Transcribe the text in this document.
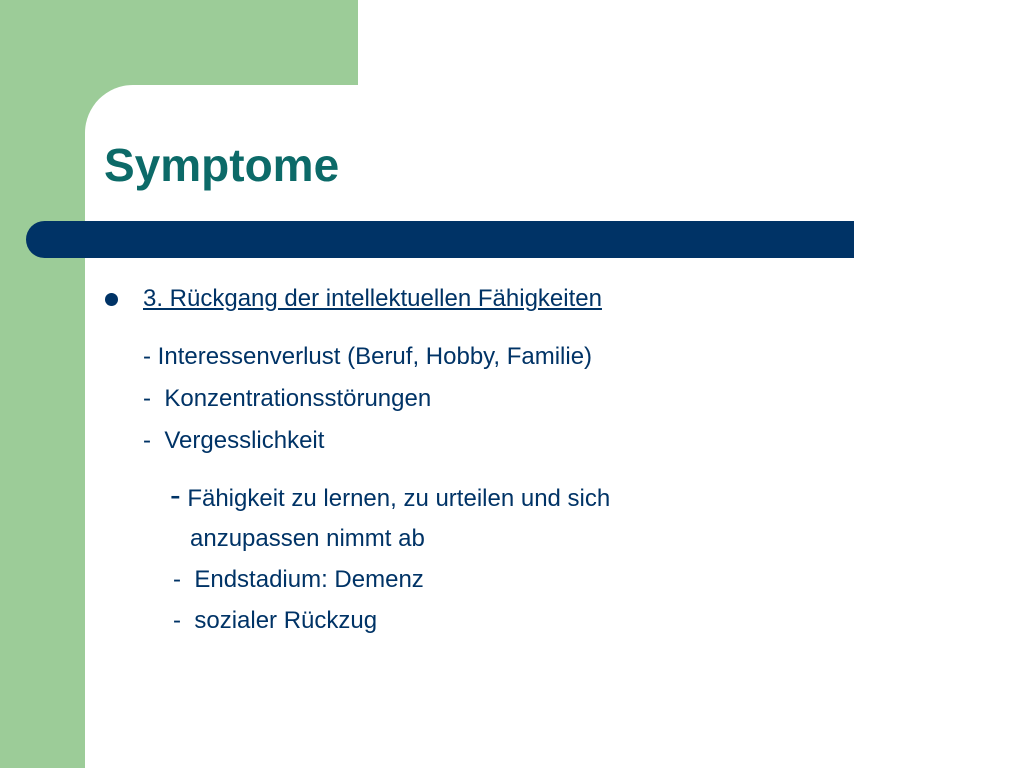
Symptome
3. Rückgang der intellektuellen Fähigkeiten
- Interessenverlust (Beruf, Hobby, Familie)
- Konzentrationsstörungen
- Vergesslichkeit
- Fähigkeit zu lernen, zu urteilen und sich
anzupassen nimmt ab
- Endstadium: Demenz
- sozialer Rückzug
